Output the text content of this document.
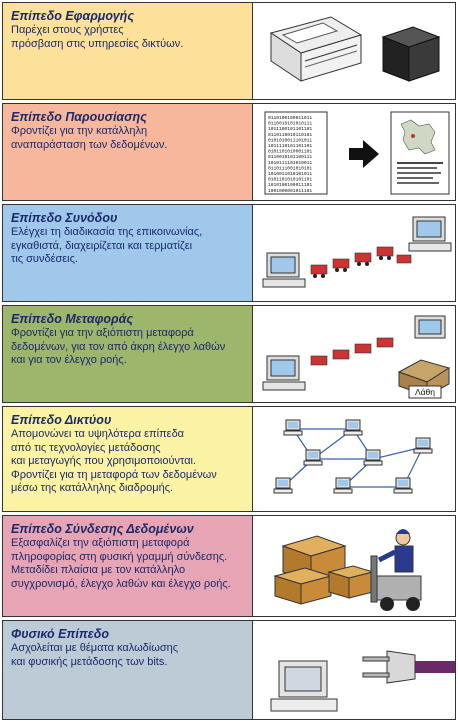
Επίπεδο Εφαρμογής

Παρέχει στους χρήστες
πρόσβαση στις υπηρεσίες δικτύων.

Επίπεδο Παρουσίασης

Φροντίζει για την κατάλληλη
αναπαράσταση των δεδομένων.

0110100100011011
0110010101010111
1011100101101101
0110110010110101
0101010011101011
1011110101101101
0101101010001101
0110010101100111
1010111101010011
0110111001010101
1010011010101011
0101101010101101
1010100100011101
1001000001011101

Επίπεδο Συνόδου

Ελέγχει τη διαδικασία της επικοινωνίας,
εγκαθιστά, διαχειρίζεται και τερματίζει
τις συνδέσεις.

Επίπεδο Μεταφοράς

Φροντίζει για την αξιόπιστη μεταφορά
δεδομένων, για τον από άκρη έλεγχο λαθών
και για τον έλεγχο ροής.

Λάθη

Επίπεδο Δικτύου

Απομονώνει τα υψηλότερα επίπεδα
από τις τεχνολογίες μετάδοσης
και μεταγωγής που χρησιμοποιούνται.
Φροντίζει για τη μεταφορά των δεδομένων
μέσω της κατάλληλης διαδρομής.

Επίπεδο Σύνδεσης Δεδομένων

Εξασφαλίζει την αξιόπιστη μεταφορά
πληροφορίας στη φυσική γραμμή σύνδεσης.
Μεταδίδει πλαίσια με τον κατάλληλο
συγχρονισμό, έλεγχο λαθών και έλεγχο ροής.

Φυσικό Επίπεδο

Ασχολείται με θέματα καλωδίωσης
και φυσικής μετάδοσης των bits.
